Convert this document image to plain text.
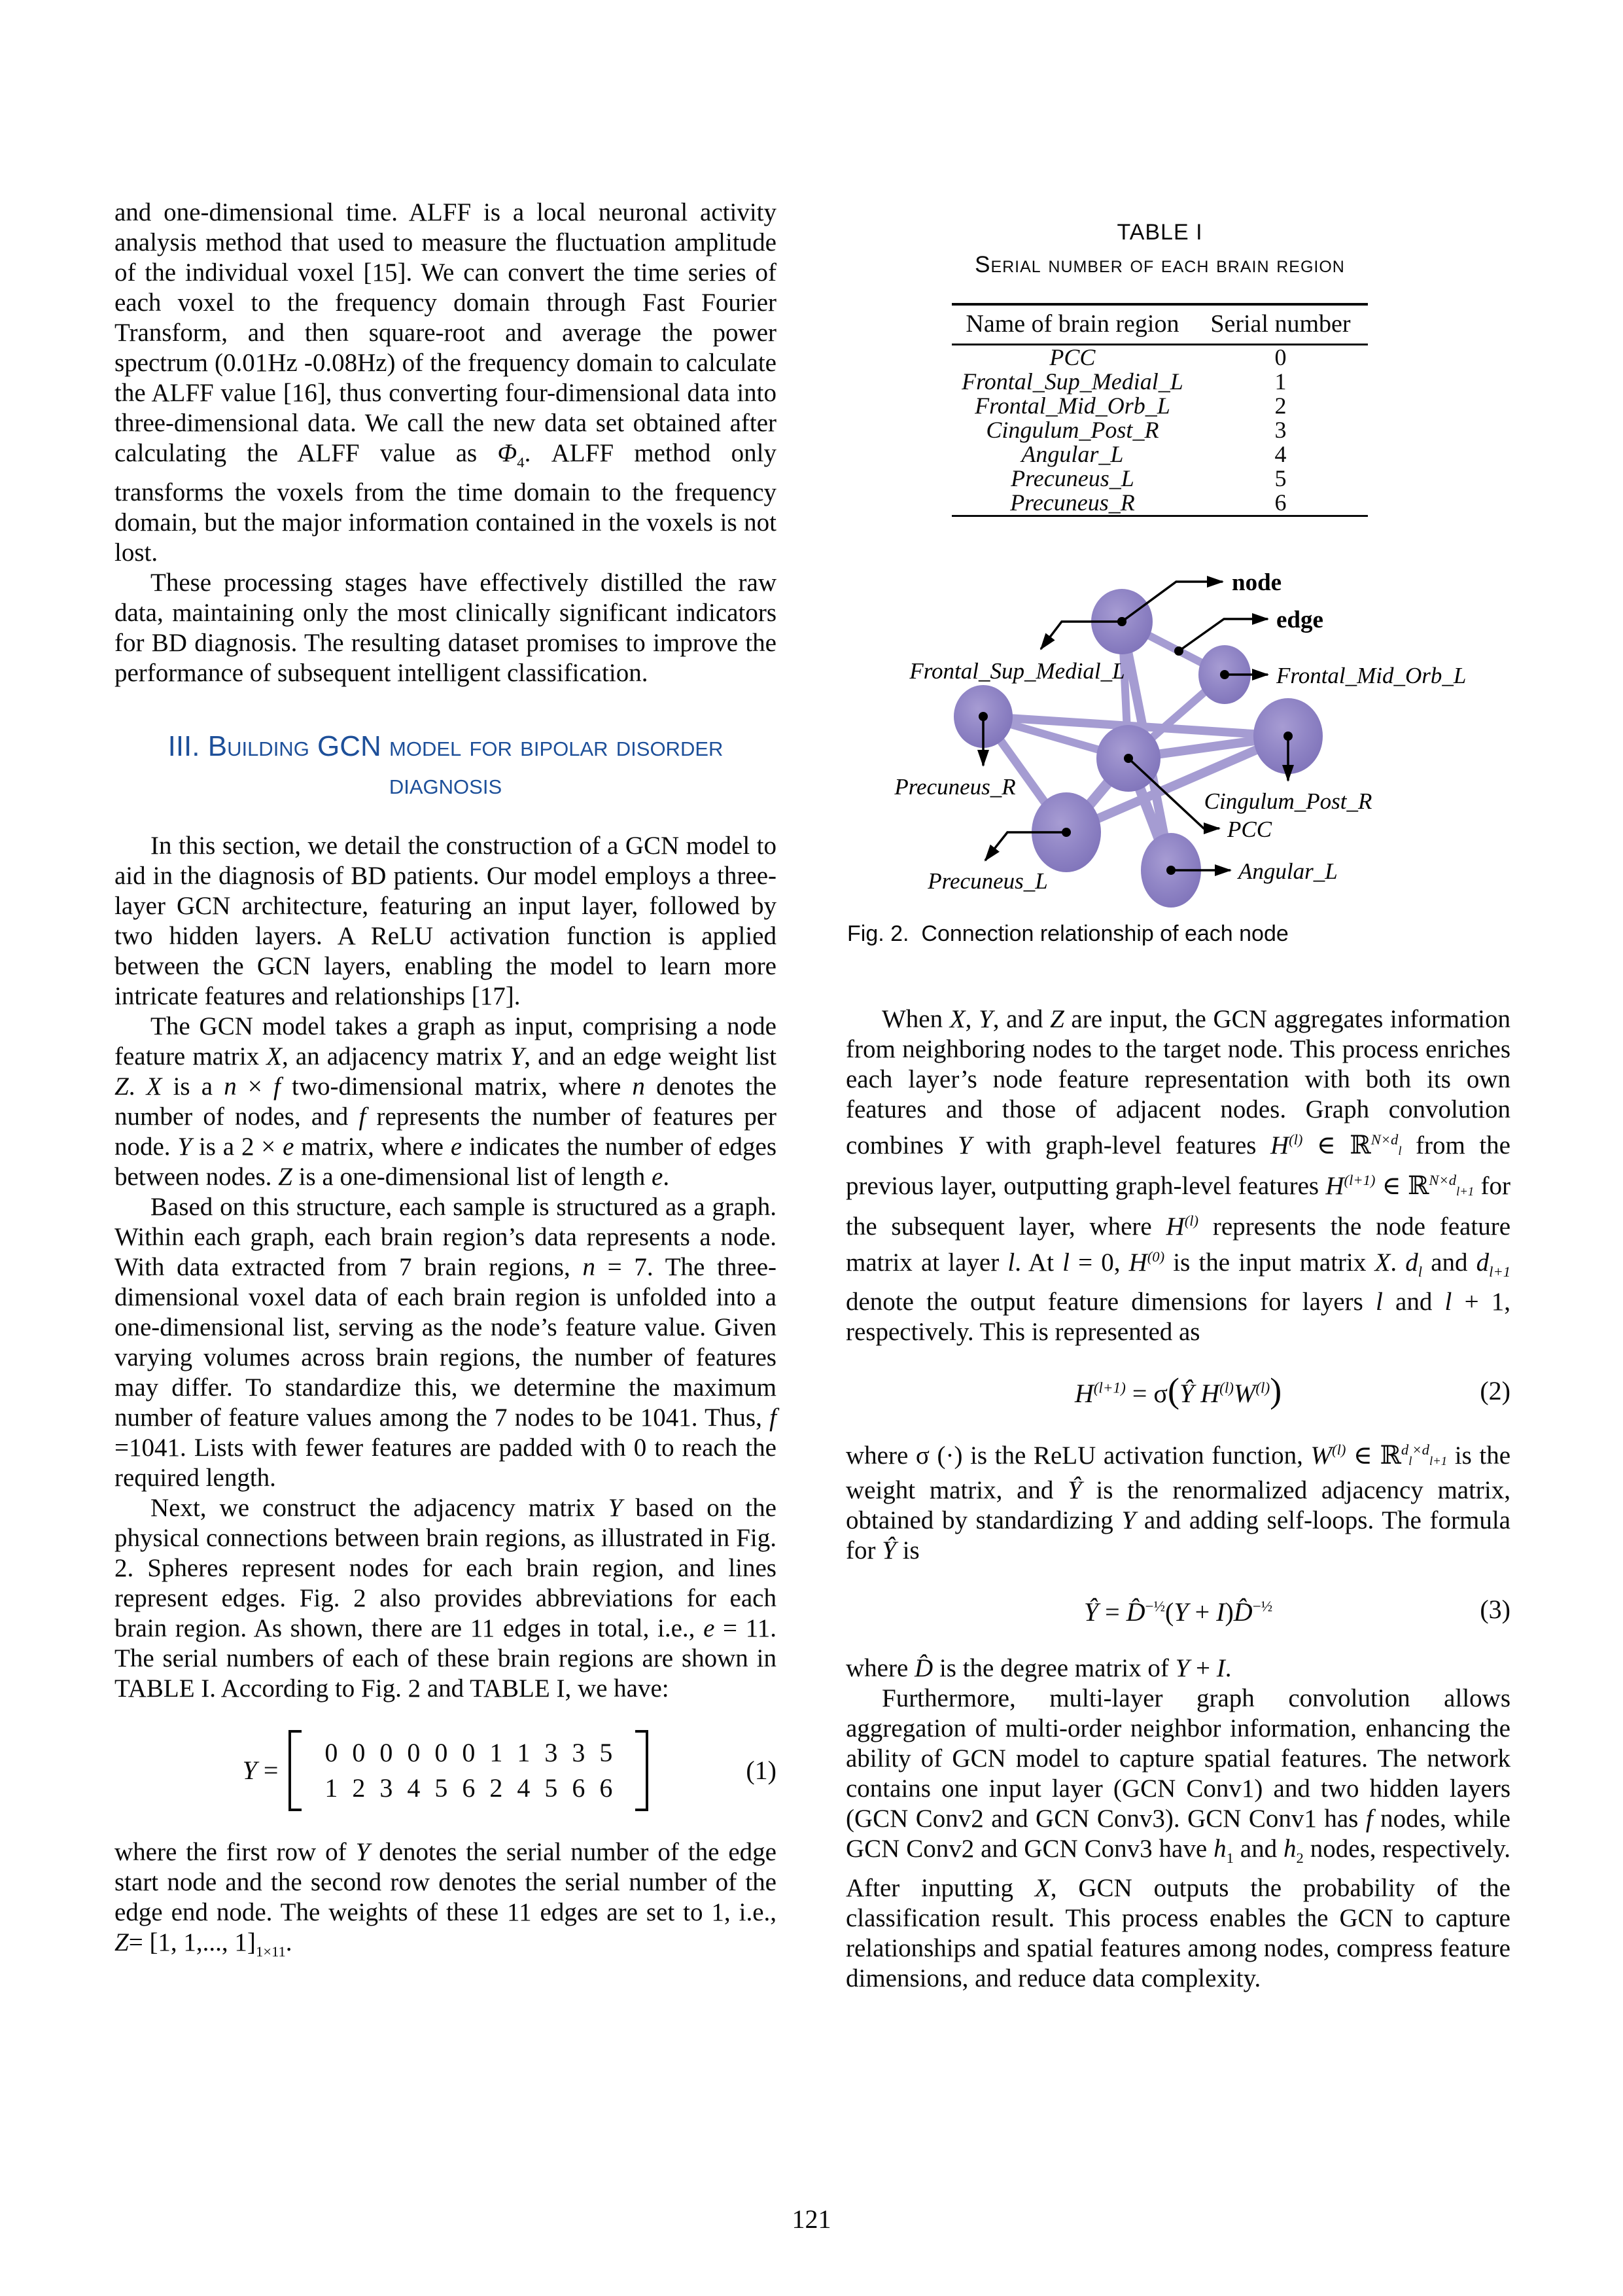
and one-dimensional time. ALFF is a local neuronal activity analysis method that used to measure the fluctuation amplitude of the individual voxel [15]. We can convert the time series of each voxel to the frequency domain through Fast Fourier Transform, and then square-root and average the power spectrum (0.01Hz -0.08Hz) of the frequency domain to calculate the ALFF value [16], thus converting four-dimensional data into three-dimensional data. We call the new data set obtained after calculating the ALFF value as $\Phi_4$. ALFF method only transforms the voxels from the time domain to the frequency domain, but the major information contained in the voxels is not lost.

These processing stages have effectively distilled the raw data, maintaining only the most clinically significant indicators for BD diagnosis. The resulting dataset promises to improve the performance of subsequent intelligent classification.

III. Building GCN model for bipolar disorder diagnosis

In this section, we detail the construction of a GCN model to aid in the diagnosis of BD patients. Our model employs a three-layer GCN architecture, featuring an input layer, followed by two hidden layers. A ReLU activation function is applied between the GCN layers, enabling the model to learn more intricate features and relationships [17].

The GCN model takes a graph as input, comprising a node feature matrix X, an adjacency matrix Y, and an edge weight list Z. X is a n × f two-dimensional matrix, where n denotes the number of nodes, and f represents the number of features per node. Y is a 2 × e matrix, where e indicates the number of edges between nodes. Z is a one-dimensional list of length e.

Based on this structure, each sample is structured as a graph. Within each graph, each brain region’s data represents a node. With data extracted from 7 brain regions, n = 7. The three-dimensional voxel data of each brain region is unfolded into a one-dimensional list, serving as the node’s feature value. Given varying volumes across brain regions, the number of features may differ. To standardize this, we determine the maximum number of feature values among the 7 nodes to be 1041. Thus, f =1041. Lists with fewer features are padded with 0 to reach the required length.

Next, we construct the adjacency matrix Y based on the physical connections between brain regions, as illustrated in Fig. 2. Spheres represent nodes for each brain region, and lines represent edges. Fig. 2 also provides abbreviations for each brain region. As shown, there are 11 edges in total, i.e., e = 11. The serial numbers of each of these brain regions are shown in TABLE I. According to Fig. 2 and TABLE I, we have:

Y =
0 0 0 0 0 0 1 1 3 3 5
1 2 3 4 5 6 2 4 5 6 6
(1)

where the first row of Y denotes the serial number of the edge start node and the second row denotes the serial number of the edge end node. The weights of these 11 edges are set to 1, i.e., Z= [1, 1,..., $1]_{1\times 11}$.

TABLE I
Serial number of each brain region
Name of brain region	Serial number
PCC	0
Frontal_Sup_Medial_L	1
Frontal_Mid_Orb_L	2
Cingulum_Post_R	3
Angular_L	4
Precuneus_L	5
Precuneus_R	6
node
edge
Frontal_Sup_Medial_L	Frontal_Mid_Orb_L
Precuneus_R
Cingulum_Post_R
PCC
Precuneus_L	Angular_L
Fig. 2. Connection relationship of each node

When X, Y, and Z are input, the GCN aggregates information from neighboring nodes to the target node. This process enriches each layer’s node feature representation with both its own features and those of adjacent nodes. Graph convolution combines Y with graph-level features $H^{(l)}$ ∈ ℝ$^{N\times d}$l from the previous layer, outputting graph-level features $H^{(l+1)}$ ∈ ℝ$^{N\times d}$l+1 for the subsequent layer, where $H^{(l)}$ represents the node feature matrix at layer l. At l = 0, $H^{(0)}$ is the input matrix X. $d_l$ and $d_{l+1}$ denote the output feature dimensions for layers l and l + 1, respectively. This is represented as

$H^{(l+1)}$ = σ(Ŷ $H^{(l)}W^{(l)}$)	(2)

where σ (·) is the ReLU activation function, $W^{(l)}$ ∈ $ℝ^dl^{\times d}l+1$ is the weight matrix, and Ŷ is the renormalized adjacency matrix, obtained by standardizing Y and adding self-loops. The formula for Ŷ is

Ŷ = D̂$^{-\frac{1}{2}}$(Y + I)D̂$^{-\frac{1}{2}}$	(3)

where D̂ is the degree matrix of Y + I.

Furthermore, multi-layer graph convolution allows aggregation of multi-order neighbor information, enhancing the ability of GCN model to capture spatial features. The network contains one input layer (GCN Conv1) and two hidden layers (GCN Conv2 and GCN Conv3). GCN Conv1 has f nodes, while GCN Conv2 and GCN Conv3 have $h_1$ and $h_2$ nodes, respectively. After inputting X, GCN outputs the probability of the classification result. This process enables the GCN to capture relationships and spatial features among nodes, compress feature dimensions, and reduce data complexity.

121
